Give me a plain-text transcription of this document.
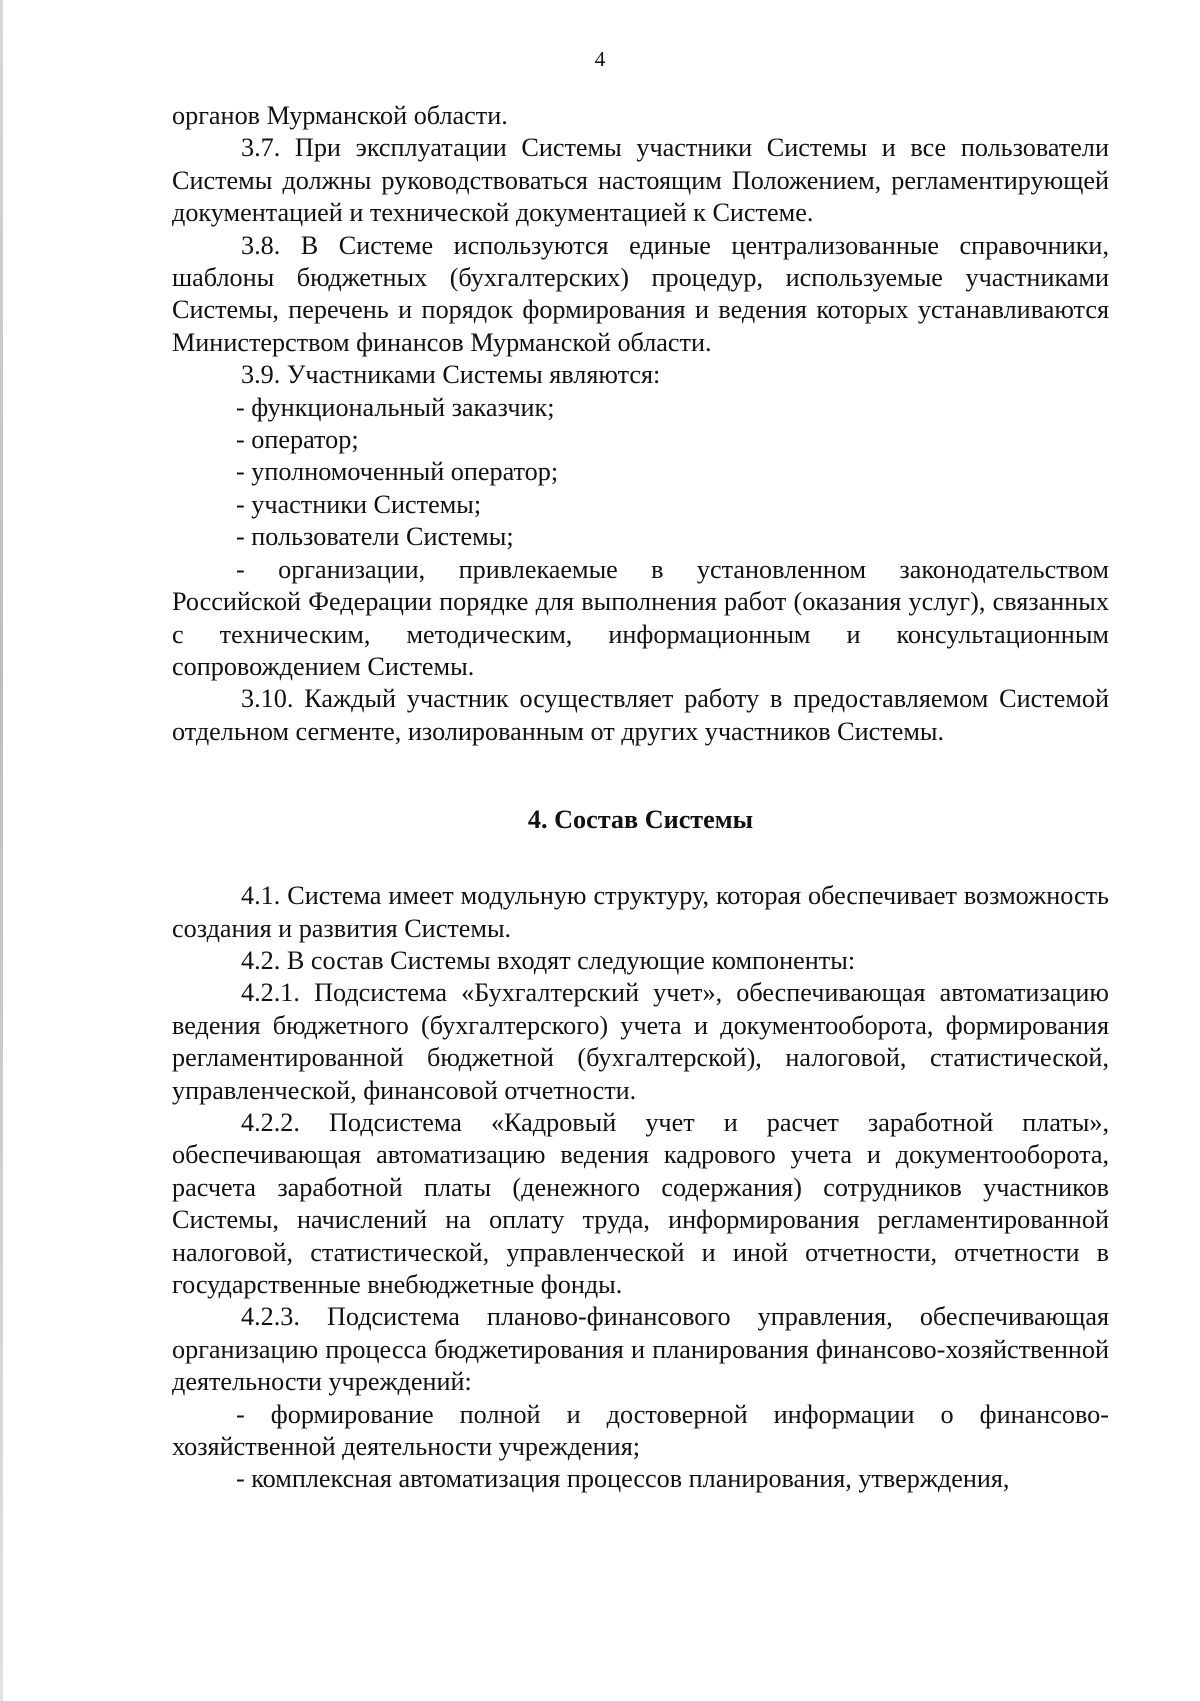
4

органов Мурманской области.

3.7. При эксплуатации Системы участники Системы и все пользователи Системы должны руководствоваться настоящим Положением, регламентирующей документацией и технической документацией к Системе.

3.8. В Системе используются единые централизованные справочники, шаблоны бюджетных (бухгалтерских) процедур, используемые участниками Системы, перечень и порядок формирования и ведения которых устанавливаются Министерством финансов Мурманской области.

3.9. Участниками Системы являются:

- функциональный заказчик;

- оператор;

- уполномоченный оператор;

- участники Системы;

- пользователи Системы;

- организации, привлекаемые в установленном законодательством Российской Федерации порядке для выполнения работ (оказания услуг), связанных с техническим, методическим, информационным и консультационным сопровождением Системы.

3.10. Каждый участник осуществляет работу в предоставляемом Системой отдельном сегменте, изолированным от других участников Системы.

4. Состав Системы

4.1. Система имеет модульную структуру, которая обеспечивает возможность создания и развития Системы.

4.2. В состав Системы входят следующие компоненты:

4.2.1. Подсистема «Бухгалтерский учет», обеспечивающая автоматизацию ведения бюджетного (бухгалтерского) учета и документооборота, формирования регламентированной бюджетной (бухгалтерской), налоговой, статистической, управленческой, финансовой отчетности.

4.2.2. Подсистема «Кадровый учет и расчет заработной платы», обеспечивающая автоматизацию ведения кадрового учета и документооборота, расчета заработной платы (денежного содержания) сотрудников участников Системы, начислений на оплату труда, информирования регламентированной налоговой, статистической, управленческой и иной отчетности, отчетности в государственные внебюджетные фонды.

4.2.3. Подсистема планово-финансового управления, обеспечивающая организацию процесса бюджетирования и планирования финансово-хозяйственной деятельности учреждений:

- формирование полной и достоверной информации о финансово-хозяйственной деятельности учреждения;

- комплексная автоматизация процессов планирования, утверждения,
